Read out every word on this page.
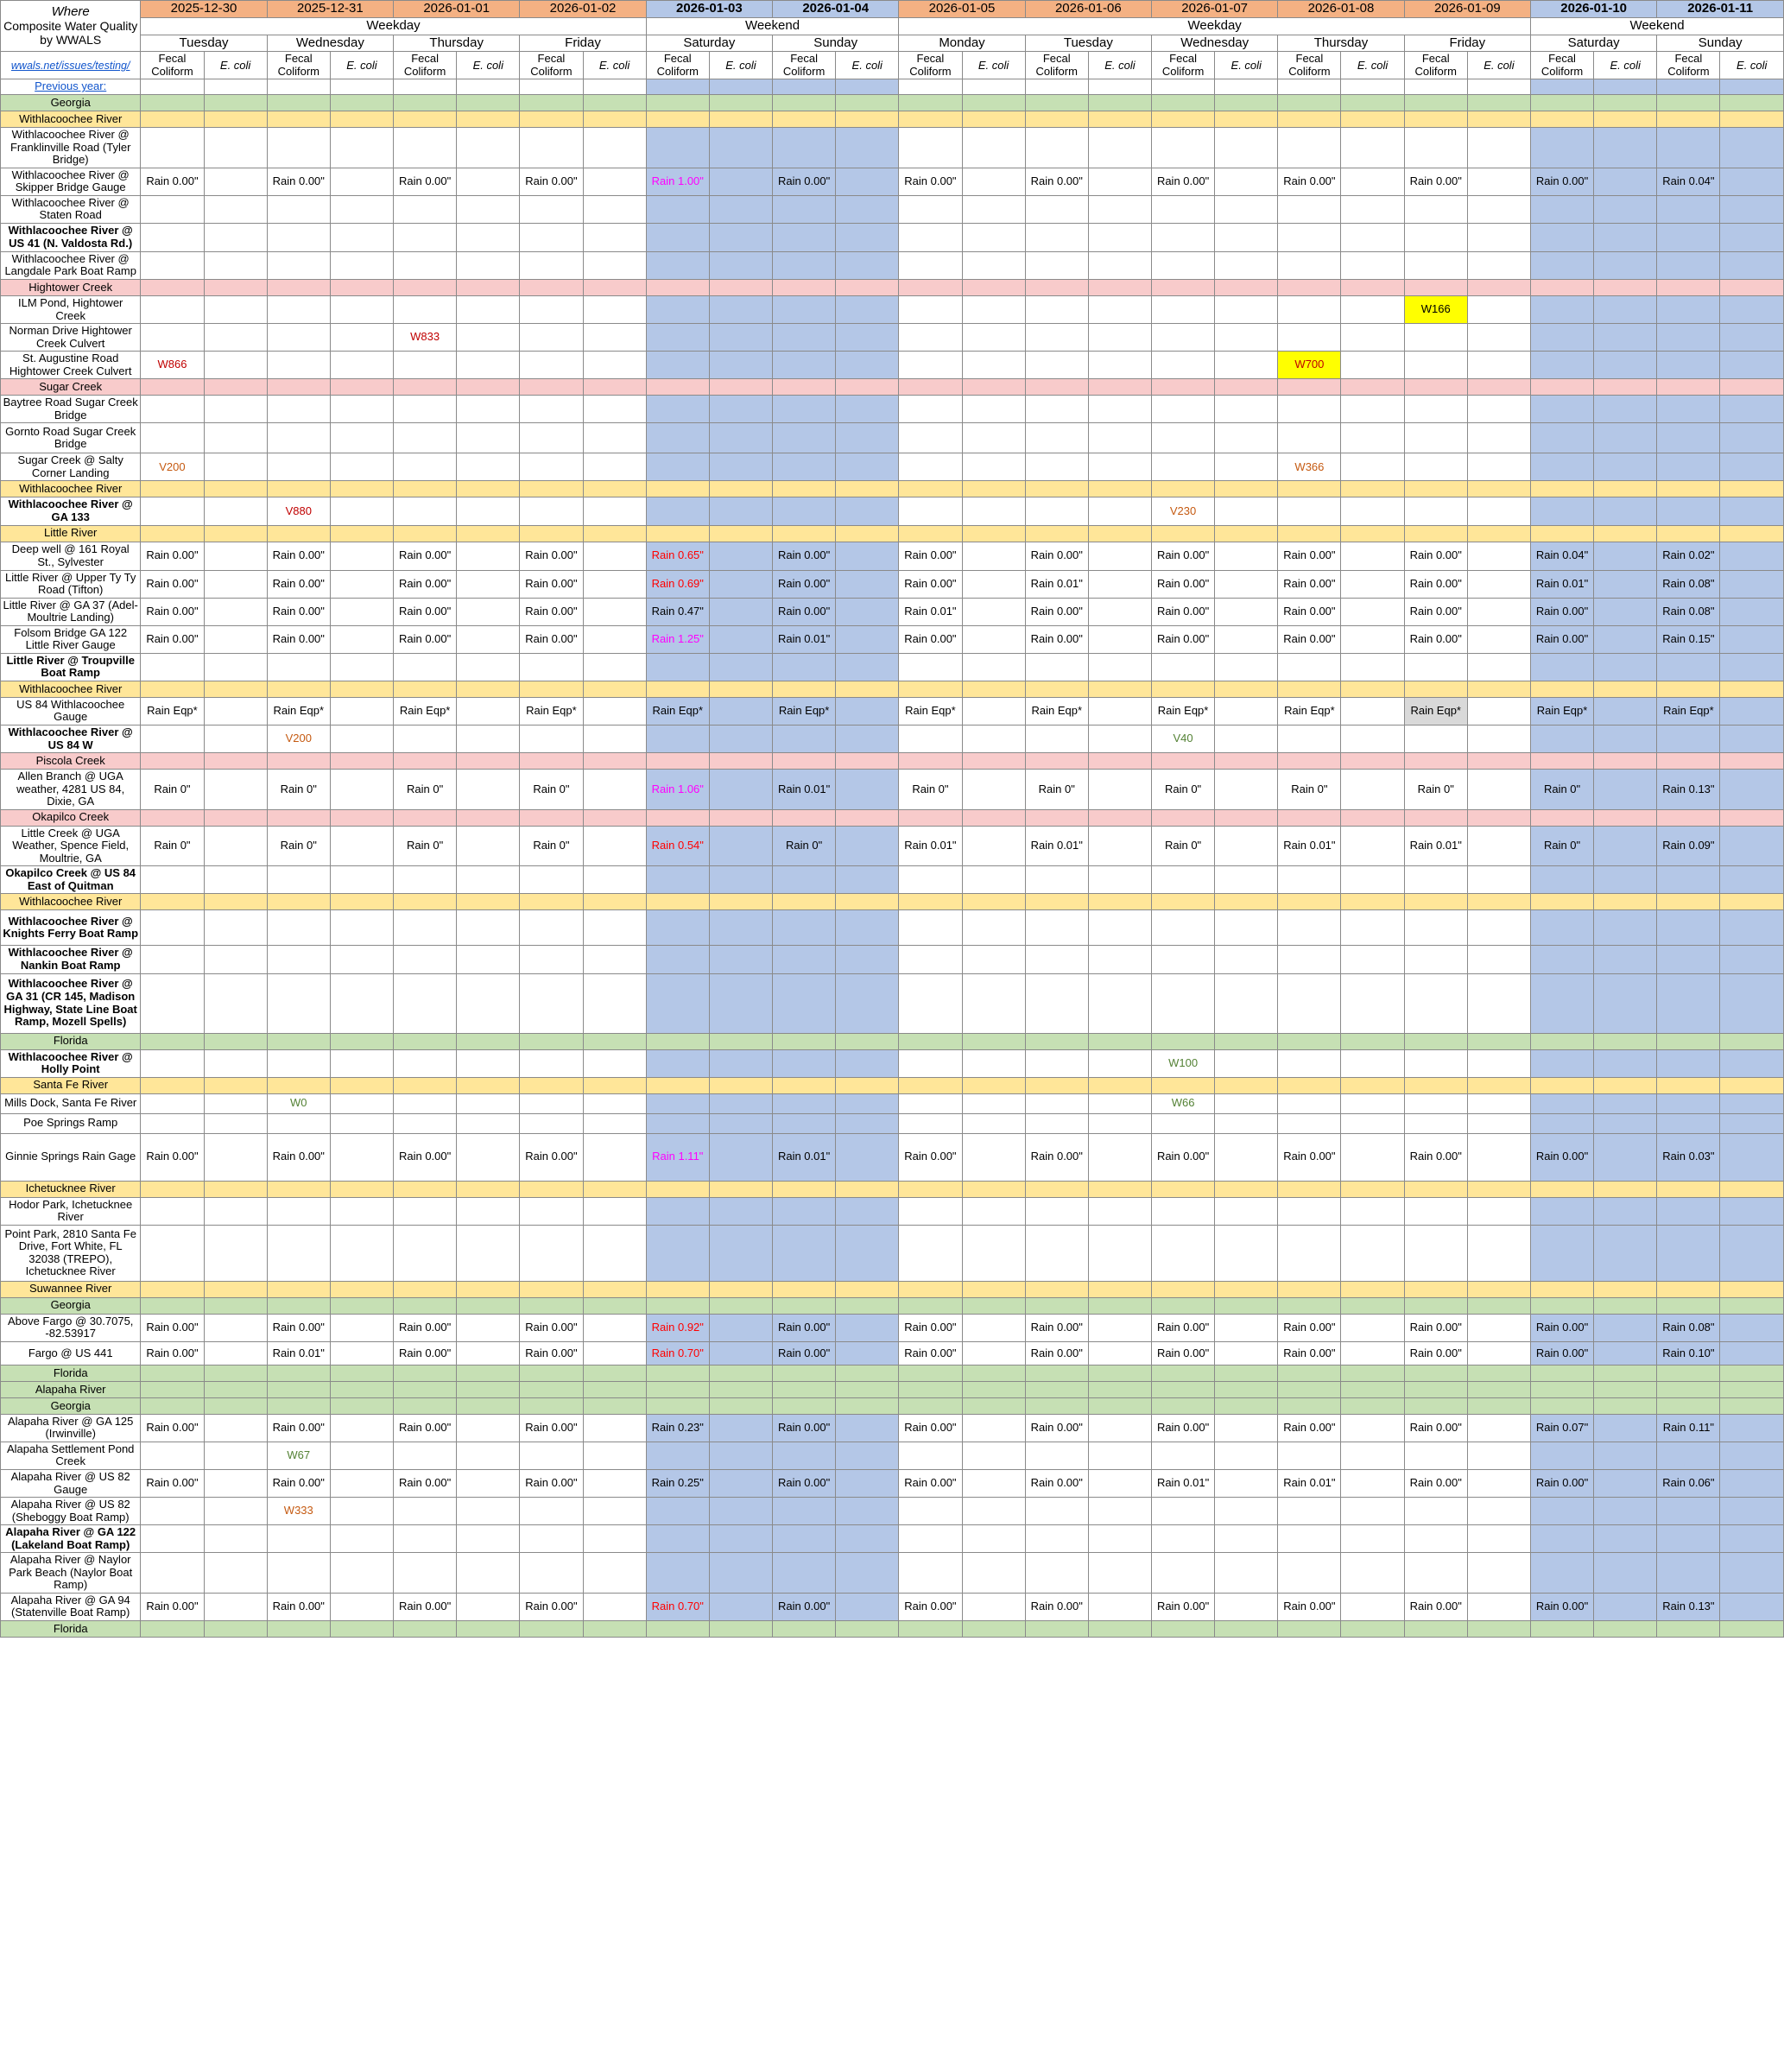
Where
Composite Water Quality
by WWALS	2025-12-30		2025-12-31		2026-01-01		2026-01-02		2026-01-03		2026-01-04		2026-01-05		2026-01-06		2026-01-07		2026-01-08		2026-01-09		2026-01-10		2026-01-11	
	Weekday								Weekend				Weekday										Weekend			
	Tuesday		Wednesday		Thursday		Friday		Saturday		Sunday		Monday		Tuesday		Wednesday		Thursday		Friday		Saturday		Sunday	
wwals.net/issues/testing/	Fecal Coliform	E. coli	Fecal Coliform	E. coli	Fecal Coliform	E. coli	Fecal Coliform	E. coli	Fecal Coliform	E. coli	Fecal Coliform	E. coli	Fecal Coliform	E. coli	Fecal Coliform	E. coli	Fecal Coliform	E. coli	Fecal Coliform	E. coli	Fecal Coliform	E. coli	Fecal Coliform	E. coli	Fecal Coliform	E. coli
Previous year:																										
Georgia																										
Withlacoochee River																										
Withlacoochee River @ Franklinville Road (Tyler Bridge)																										
Withlacoochee River @ Skipper Bridge Gauge	Rain 0.00"		Rain 0.00"		Rain 0.00"		Rain 0.00"		Rain 1.00"		Rain 0.00"		Rain 0.00"		Rain 0.00"		Rain 0.00"		Rain 0.00"		Rain 0.00"		Rain 0.00"		Rain 0.04"	
Withlacoochee River @ Staten Road																										
Withlacoochee River @ US 41 (N. Valdosta Rd.)																										
Withlacoochee River @ Langdale Park Boat Ramp																										
Hightower Creek																										
ILM Pond, Hightower Creek																					W166					
Norman Drive Hightower Creek Culvert					W833																					
St. Augustine Road Hightower Creek Culvert	W866																		W700							
Sugar Creek																										
Baytree Road Sugar Creek Bridge																										
Gornto Road Sugar Creek Bridge																										
Sugar Creek @ Salty Corner Landing	V200																		W366							
Withlacoochee River																										
Withlacoochee River @ GA 133			V880														V230									
Little River																										
Deep well @ 161 Royal St., Sylvester	Rain 0.00"		Rain 0.00"		Rain 0.00"		Rain 0.00"		Rain 0.65"		Rain 0.00"		Rain 0.00"		Rain 0.00"		Rain 0.00"		Rain 0.00"		Rain 0.00"		Rain 0.04"		Rain 0.02"	
Little River @ Upper Ty Ty Road (Tifton)	Rain 0.00"		Rain 0.00"		Rain 0.00"		Rain 0.00"		Rain 0.69"		Rain 0.00"		Rain 0.00"		Rain 0.01"		Rain 0.00"		Rain 0.00"		Rain 0.00"		Rain 0.01"		Rain 0.08"	
Little River @ GA 37 (Adel-Moultrie Landing)	Rain 0.00"		Rain 0.00"		Rain 0.00"		Rain 0.00"		Rain 0.47"		Rain 0.00"		Rain 0.01"		Rain 0.00"		Rain 0.00"		Rain 0.00"		Rain 0.00"		Rain 0.00"		Rain 0.08"	
Folsom Bridge GA 122 Little River Gauge	Rain 0.00"		Rain 0.00"		Rain 0.00"		Rain 0.00"		Rain 1.25"		Rain 0.01"		Rain 0.00"		Rain 0.00"		Rain 0.00"		Rain 0.00"		Rain 0.00"		Rain 0.00"		Rain 0.15"	
Little River @ Troupville Boat Ramp																										
Withlacoochee River																										
US 84 Withlacoochee Gauge	Rain Eqp*		Rain Eqp*		Rain Eqp*		Rain Eqp*		Rain Eqp*		Rain Eqp*		Rain Eqp*		Rain Eqp*		Rain Eqp*		Rain Eqp*		Rain Eqp*		Rain Eqp*		Rain Eqp*	
Withlacoochee River @ US 84 W			V200														V40									
Piscola Creek																										
Allen Branch @ UGA weather, 4281 US 84, Dixie, GA	Rain 0"		Rain 0"		Rain 0"		Rain 0"		Rain 1.06"		Rain 0.01"		Rain 0"		Rain 0"		Rain 0"		Rain 0"		Rain 0"		Rain 0"		Rain 0.13"	
Okapilco Creek																										
Little Creek @ UGA Weather, Spence Field, Moultrie, GA	Rain 0"		Rain 0"		Rain 0"		Rain 0"		Rain 0.54"		Rain 0"		Rain 0.01"		Rain 0.01"		Rain 0"		Rain 0.01"		Rain 0.01"		Rain 0"		Rain 0.09"	
Okapilco Creek @ US 84 East of Quitman																										
Withlacoochee River																										
Withlacoochee River @ Knights Ferry Boat Ramp																										
Withlacoochee River @ Nankin Boat Ramp																										
Withlacoochee River @ GA 31 (CR 145, Madison Highway, State Line Boat Ramp, Mozell Spells)																										
Florida																										
Withlacoochee River @ Holly Point																	W100									
Santa Fe River																										
Mills Dock, Santa Fe River			W0														W66									
Poe Springs Ramp																										
Ginnie Springs Rain Gage	Rain 0.00"		Rain 0.00"		Rain 0.00"		Rain 0.00"		Rain 1.11"		Rain 0.01"		Rain 0.00"		Rain 0.00"		Rain 0.00"		Rain 0.00"		Rain 0.00"		Rain 0.00"		Rain 0.03"	
Ichetucknee River																										
Hodor Park, Ichetucknee River																										
Point Park, 2810 Santa Fe Drive, Fort White, FL 32038 (TREPO), Ichetucknee River																										
Suwannee River																										
Georgia																										
Above Fargo @ 30.7075, -82.53917	Rain 0.00"		Rain 0.00"		Rain 0.00"		Rain 0.00"		Rain 0.92"		Rain 0.00"		Rain 0.00"		Rain 0.00"		Rain 0.00"		Rain 0.00"		Rain 0.00"		Rain 0.00"		Rain 0.08"	
Fargo @ US 441	Rain 0.00"		Rain 0.01"		Rain 0.00"		Rain 0.00"		Rain 0.70"		Rain 0.00"		Rain 0.00"		Rain 0.00"		Rain 0.00"		Rain 0.00"		Rain 0.00"		Rain 0.00"		Rain 0.10"	
Florida																										
Alapaha River																										
Georgia																										
Alapaha River @ GA 125 (Irwinville)	Rain 0.00"		Rain 0.00"		Rain 0.00"		Rain 0.00"		Rain 0.23"		Rain 0.00"		Rain 0.00"		Rain 0.00"		Rain 0.00"		Rain 0.00"		Rain 0.00"		Rain 0.07"		Rain 0.11"	
Alapaha Settlement Pond Creek			W67																							
Alapaha River @ US 82 Gauge	Rain 0.00"		Rain 0.00"		Rain 0.00"		Rain 0.00"		Rain 0.25"		Rain 0.00"		Rain 0.00"		Rain 0.00"		Rain 0.01"		Rain 0.01"		Rain 0.00"		Rain 0.00"		Rain 0.06"	
Alapaha River @ US 82 (Sheboggy Boat Ramp)			W333																							
Alapaha River @ GA 122 (Lakeland Boat Ramp)																										
Alapaha River @ Naylor Park Beach (Naylor Boat Ramp)																										
Alapaha River @ GA 94 (Statenville Boat Ramp)	Rain 0.00"		Rain 0.00"		Rain 0.00"		Rain 0.00"		Rain 0.70"		Rain 0.00"		Rain 0.00"		Rain 0.00"		Rain 0.00"		Rain 0.00"		Rain 0.00"		Rain 0.00"		Rain 0.13"	
Florida																										
